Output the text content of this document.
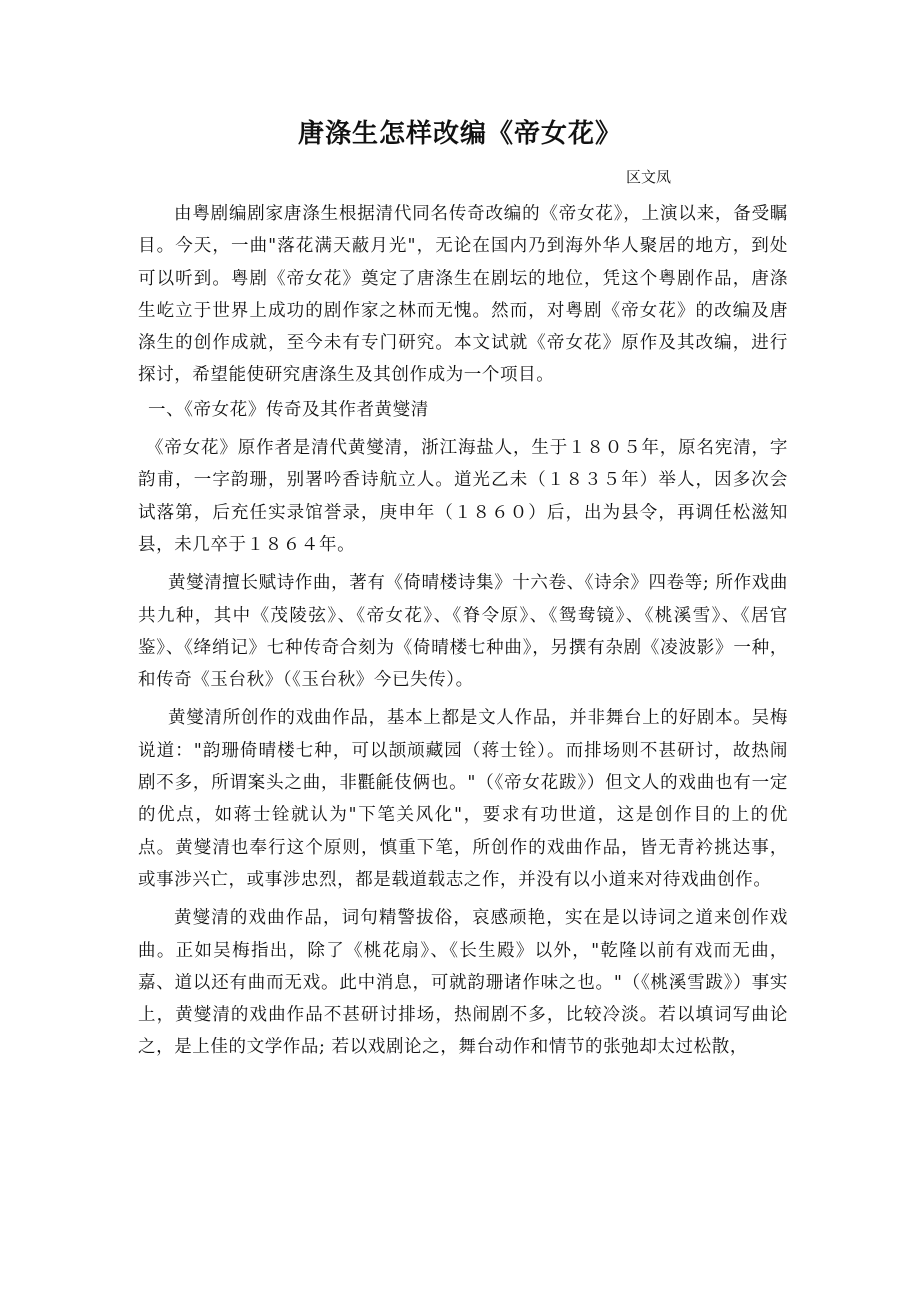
唐涤生怎样改编《帝女花》

区文凤

由粤剧编剧家唐涤生根据清代同名传奇改编的《帝女花》，上演以来，备受瞩目。今天，一曲"落花满天蔽月光"，无论在国内乃到海外华人聚居的地方，到处可以听到。粤剧《帝女花》奠定了唐涤生在剧坛的地位，凭这个粤剧作品，唐涤生屹立于世界上成功的剧作家之林而无愧。然而，对粤剧《帝女花》的改编及唐涤生的创作成就，至今未有专门研究。本文试就《帝女花》原作及其改编，进行探讨，希望能使研究唐涤生及其创作成为一个项目。

一、《帝女花》传奇及其作者黄燮清

《帝女花》原作者是清代黄燮清，浙江海盐人，生于１８０５年，原名宪清，字韵甫，一字韵珊，别署吟香诗航立人。道光乙未（１８３５年）举人，因多次会试落第，后充任实录馆誉录，庚申年（１８６０）后，出为县令，再调任松滋知县，未几卒于１８６４年。

黄燮清擅长赋诗作曲，著有《倚晴楼诗集》十六卷、《诗余》四卷等; 所作戏曲共九种，其中《茂陵弦》、《帝女花》、《脊令原》、《鸳鸯镜》、《桃溪雪》、《居官鉴》、《绛绡记》七种传奇合刻为《倚晴楼七种曲》，另撰有杂剧《凌波影》一种，和传奇《玉台秋》（《玉台秋》今已失传）。

黄燮清所创作的戏曲作品，基本上都是文人作品，并非舞台上的好剧本。吴梅说道："韵珊倚晴楼七种，可以颉颃藏园（蒋士铨）。而排场则不甚研讨，故热闹剧不多，所谓案头之曲，非氍毹伎俩也。"（《帝女花跋》）但文人的戏曲也有一定的优点，如蒋士铨就认为"下笔关风化"，要求有功世道，这是创作目的上的优点。黄燮清也奉行这个原则，慎重下笔，所创作的戏曲作品，皆无青衿挑达事，或事涉兴亡，或事涉忠烈，都是载道载志之作，并没有以小道来对待戏曲创作。

黄燮清的戏曲作品，词句精警拔俗，哀感顽艳，实在是以诗词之道来创作戏曲。正如吴梅指出，除了《桃花扇》、《长生殿》以外，"乾隆以前有戏而无曲，嘉、道以还有曲而无戏。此中消息，可就韵珊诸作味之也。"（《桃溪雪跋》）事实上，黄燮清的戏曲作品不甚研讨排场，热闹剧不多，比较冷淡。若以填词写曲论之，是上佳的文学作品; 若以戏剧论之，舞台动作和情节的张弛却太过松散，
